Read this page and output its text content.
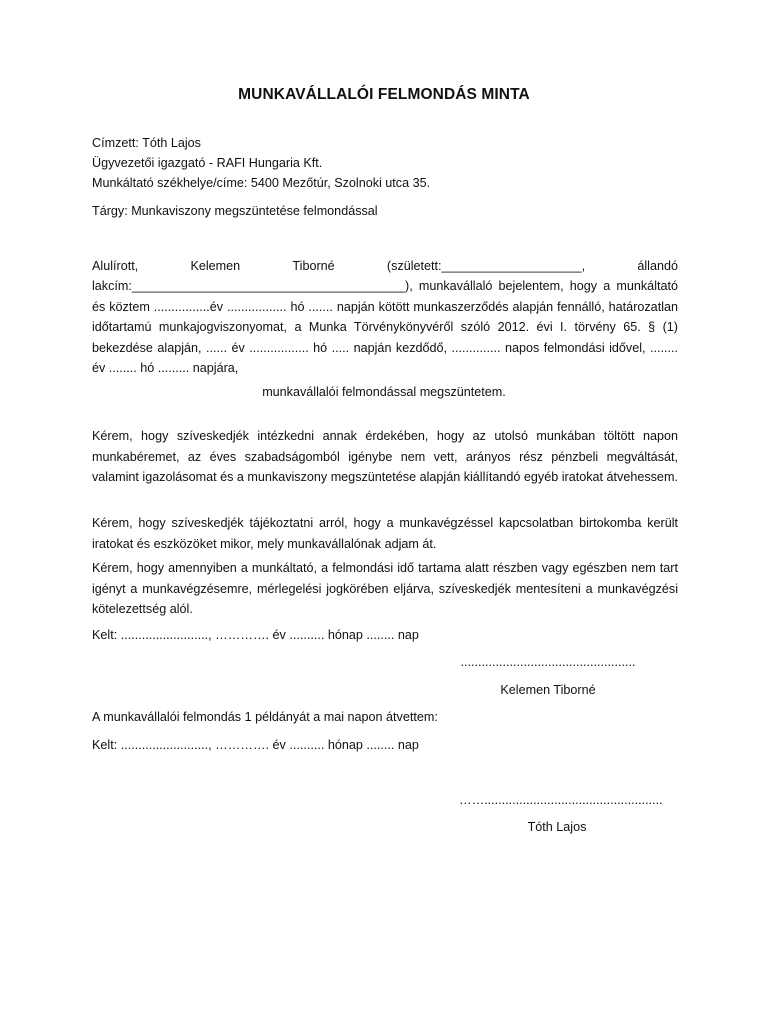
MUNKAVÁLLALÓI FELMONDÁS MINTA
Címzett: Tóth Lajos
Ügyvezetői igazgató - RAFI Hungaria Kft.
Munkáltató székhelye/címe: 5400 Mezőtúr, Szolnoki utca 35.
Tárgy: Munkaviszony megszüntetése felmondással
Alulírott,	Kelemen	Tiborné	(született:____________________,	állandó

lakcím:_______________________________________), munkavállaló bejelentem, hogy a munkáltató és köztem ................év ................. hó ....... napján kötött munkaszerződés alapján fennálló, határozatlan időtartamú munkajogviszonyomat, a Munka Törvénykönyvéről szóló 2012. évi I. törvény 65. § (1) bekezdése alapján, ...... év ................. hó ..... napján kezdődő, .............. napos felmondási idővel, ........ év ........ hó ......... napjára,

munkavállalói felmondással megszüntetem.

Kérem, hogy szíveskedjék intézkedni annak érdekében, hogy az utolsó munkában töltött napon munkabéremet, az éves szabadságomból igénybe nem vett, arányos rész pénzbeli megváltását, valamint igazolásomat és a munkaviszony megszüntetése alapján kiállítandó egyéb iratokat átvehessem.

Kérem, hogy szíveskedjék tájékoztatni arról, hogy a munkavégzéssel kapcsolatban birtokomba került iratokat és eszközöket mikor, mely munkavállalónak adjam át.

Kérem, hogy amennyiben a munkáltató, a felmondási idő tartama alatt részben vagy egészben nem tart igényt a munkavégzésemre, mérlegelési jogkörében eljárva, szíveskedjék mentesíteni a munkavégzési kötelezettség alól.

Kelt: ........................., …………. év .......... hónap ........ nap
..................................................
Kelemen Tiborné
A munkavállalói felmondás 1 példányát a mai napon átvettem:
Kelt: ........................., …………. év .......... hónap ........ nap
……...................................................
Tóth Lajos
